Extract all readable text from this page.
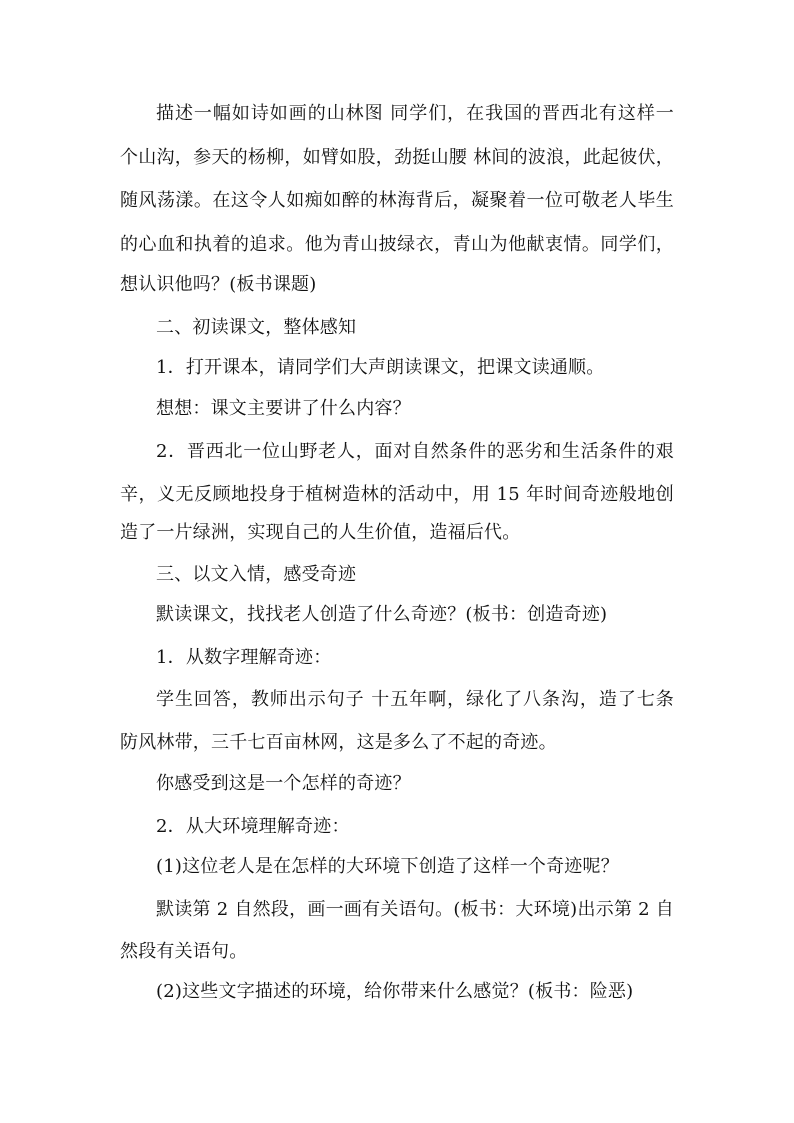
描述一幅如诗如画的山林图 同学们，在我国的晋西北有这样一
个山沟，参天的杨柳，如臂如股，劲挺山腰 林间的波浪，此起彼伏，
随风荡漾。在这令人如痴如醉的林海背后，凝聚着一位可敬老人毕生
的心血和执着的追求。他为青山披绿衣，青山为他献衷情。同学们，
想认识他吗？(板书课题)
二、初读课文，整体感知
1．打开课本，请同学们大声朗读课文，把课文读通顺。
想想：课文主要讲了什么内容？
2．晋西北一位山野老人，面对自然条件的恶劣和生活条件的艰
辛，义无反顾地投身于植树造林的活动中，用 15 年时间奇迹般地创
造了一片绿洲，实现自己的人生价值，造福后代。
三、以文入情，感受奇迹
默读课文，找找老人创造了什么奇迹？(板书：创造奇迹)
1．从数字理解奇迹：
学生回答，教师出示句子 十五年啊，绿化了八条沟，造了七条
防风林带，三千七百亩林网，这是多么了不起的奇迹。
你感受到这是一个怎样的奇迹？
2．从大环境理解奇迹：
(1)这位老人是在怎样的大环境下创造了这样一个奇迹呢？
默读第 2 自然段，画一画有关语句。(板书：大环境)出示第 2 自
然段有关语句。
(2)这些文字描述的环境，给你带来什么感觉？(板书：险恶)
